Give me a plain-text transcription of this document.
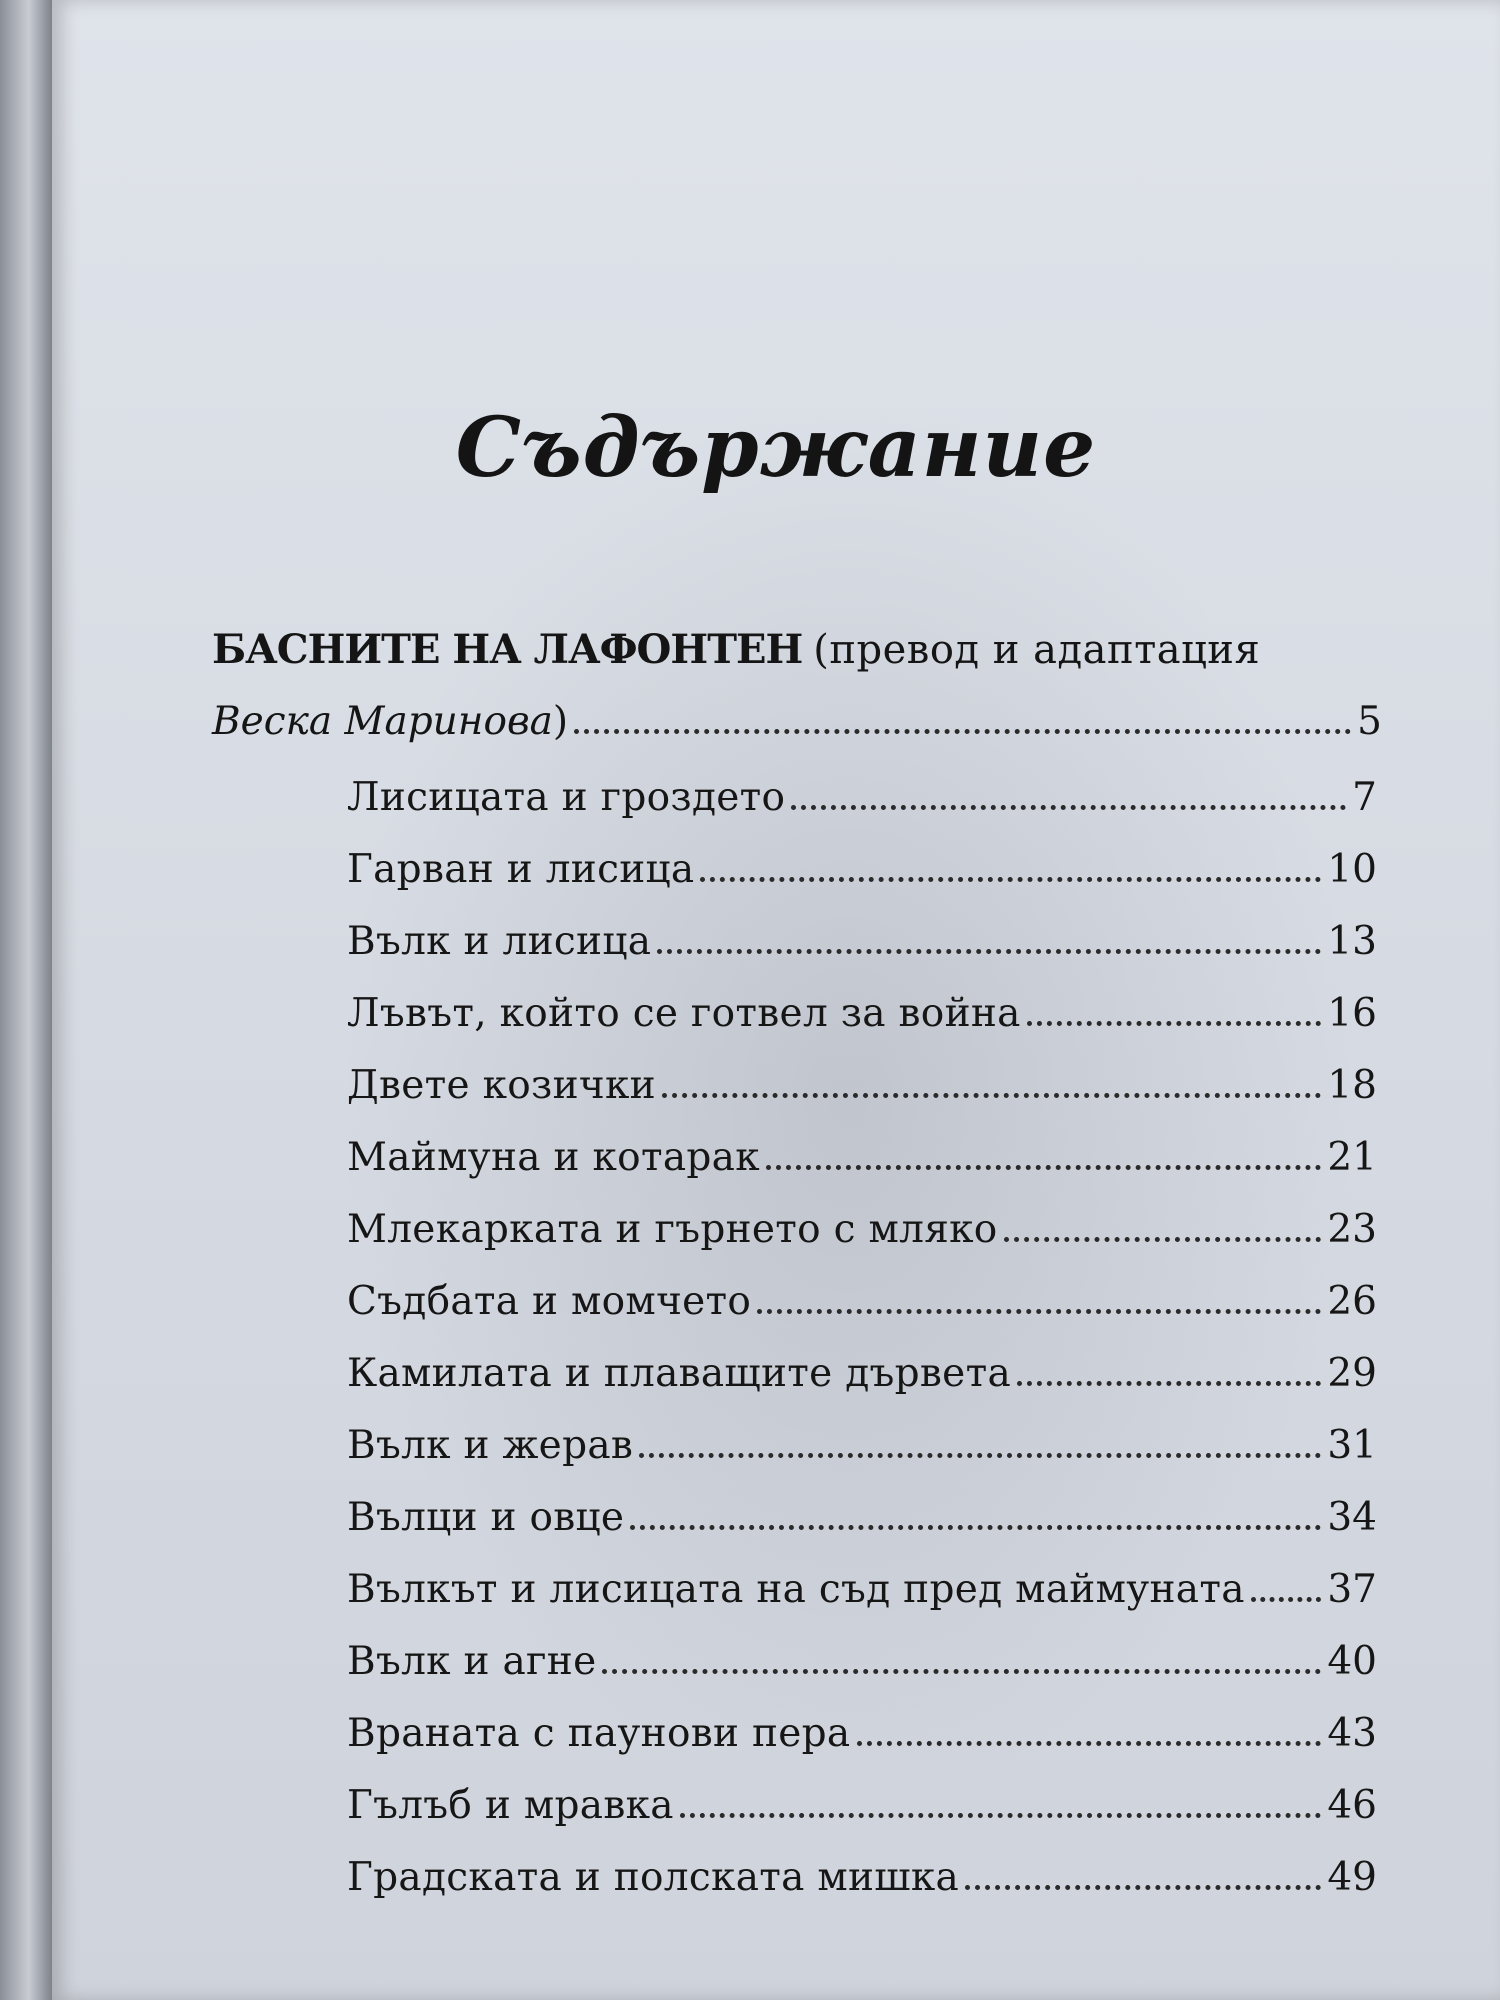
Съдържание
БАСНИТЕ НА ЛАФОНТЕН (превод и адаптация
Веска Маринова )	5
Лисицата и гроздето	7
Гарван и лисица	10
Вълк и лисица	13
Лъвът, който се готвел за война	16
Двете козички	18
Маймуна и котарак	21
Млекарката и гърнето с мляко	23
Съдбата и момчето	26
Камилата и плаващите дървета	29
Вълк и жерав	31
Вълци и овце	34
Вълкът и лисицата на съд пред маймуната 37
Вълк и агне	40
Враната с паунови пера	43
Гълъб и мравка	46
Градската и полската мишка	49
